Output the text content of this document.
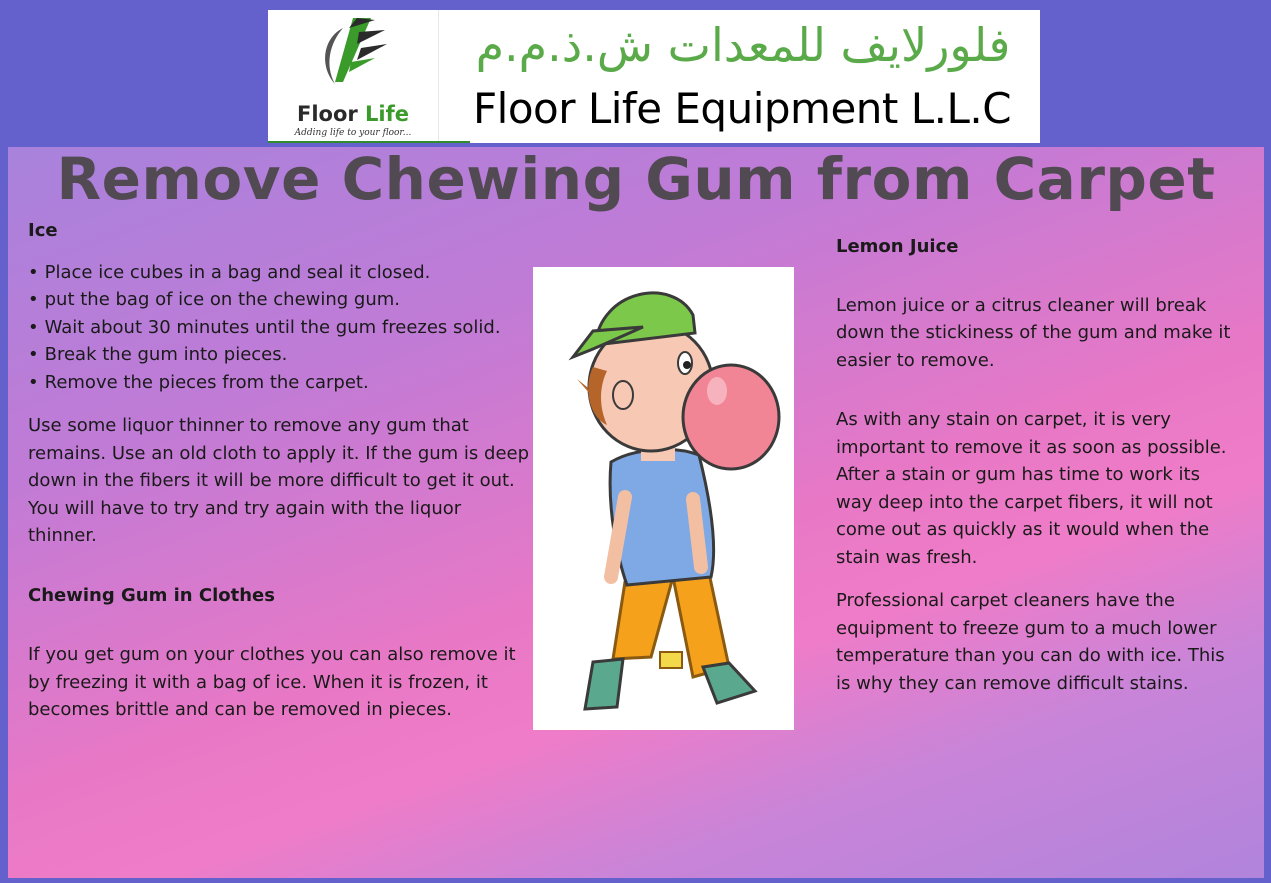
Floor Life
Adding life to your floor...
فلورلايف للمعدات ش.ذ.م.م
Floor Life Equipment L.L.C
Remove Chewing Gum from Carpet
Ice
• Place ice cubes in a bag and seal it closed.
• put the bag of ice on the chewing gum.
• Wait about 30 minutes until the gum freezes solid.
• Break the gum into pieces.
• Remove the pieces from the carpet.

Use some liquor thinner to remove any gum that remains. Use an old cloth to apply it. If the gum is deep down in the fibers it will be more difficult to get it out. You will have to try and try again with the liquor thinner.

Chewing Gum in Clothes

If you get gum on your clothes you can also remove it by freezing it with a bag of ice. When it is frozen, it becomes brittle and can be removed in pieces.

Lemon Juice

Lemon juice or a citrus cleaner will break down the stickiness of the gum and make it easier to remove.

As with any stain on carpet, it is very important to remove it as soon as possible. After a stain or gum has time to work its way deep into the carpet fibers, it will not come out as quickly as it would when the stain was fresh.

Professional carpet cleaners have the equipment to freeze gum to a much lower temperature than you can do with ice. This is why they can remove difficult stains.
